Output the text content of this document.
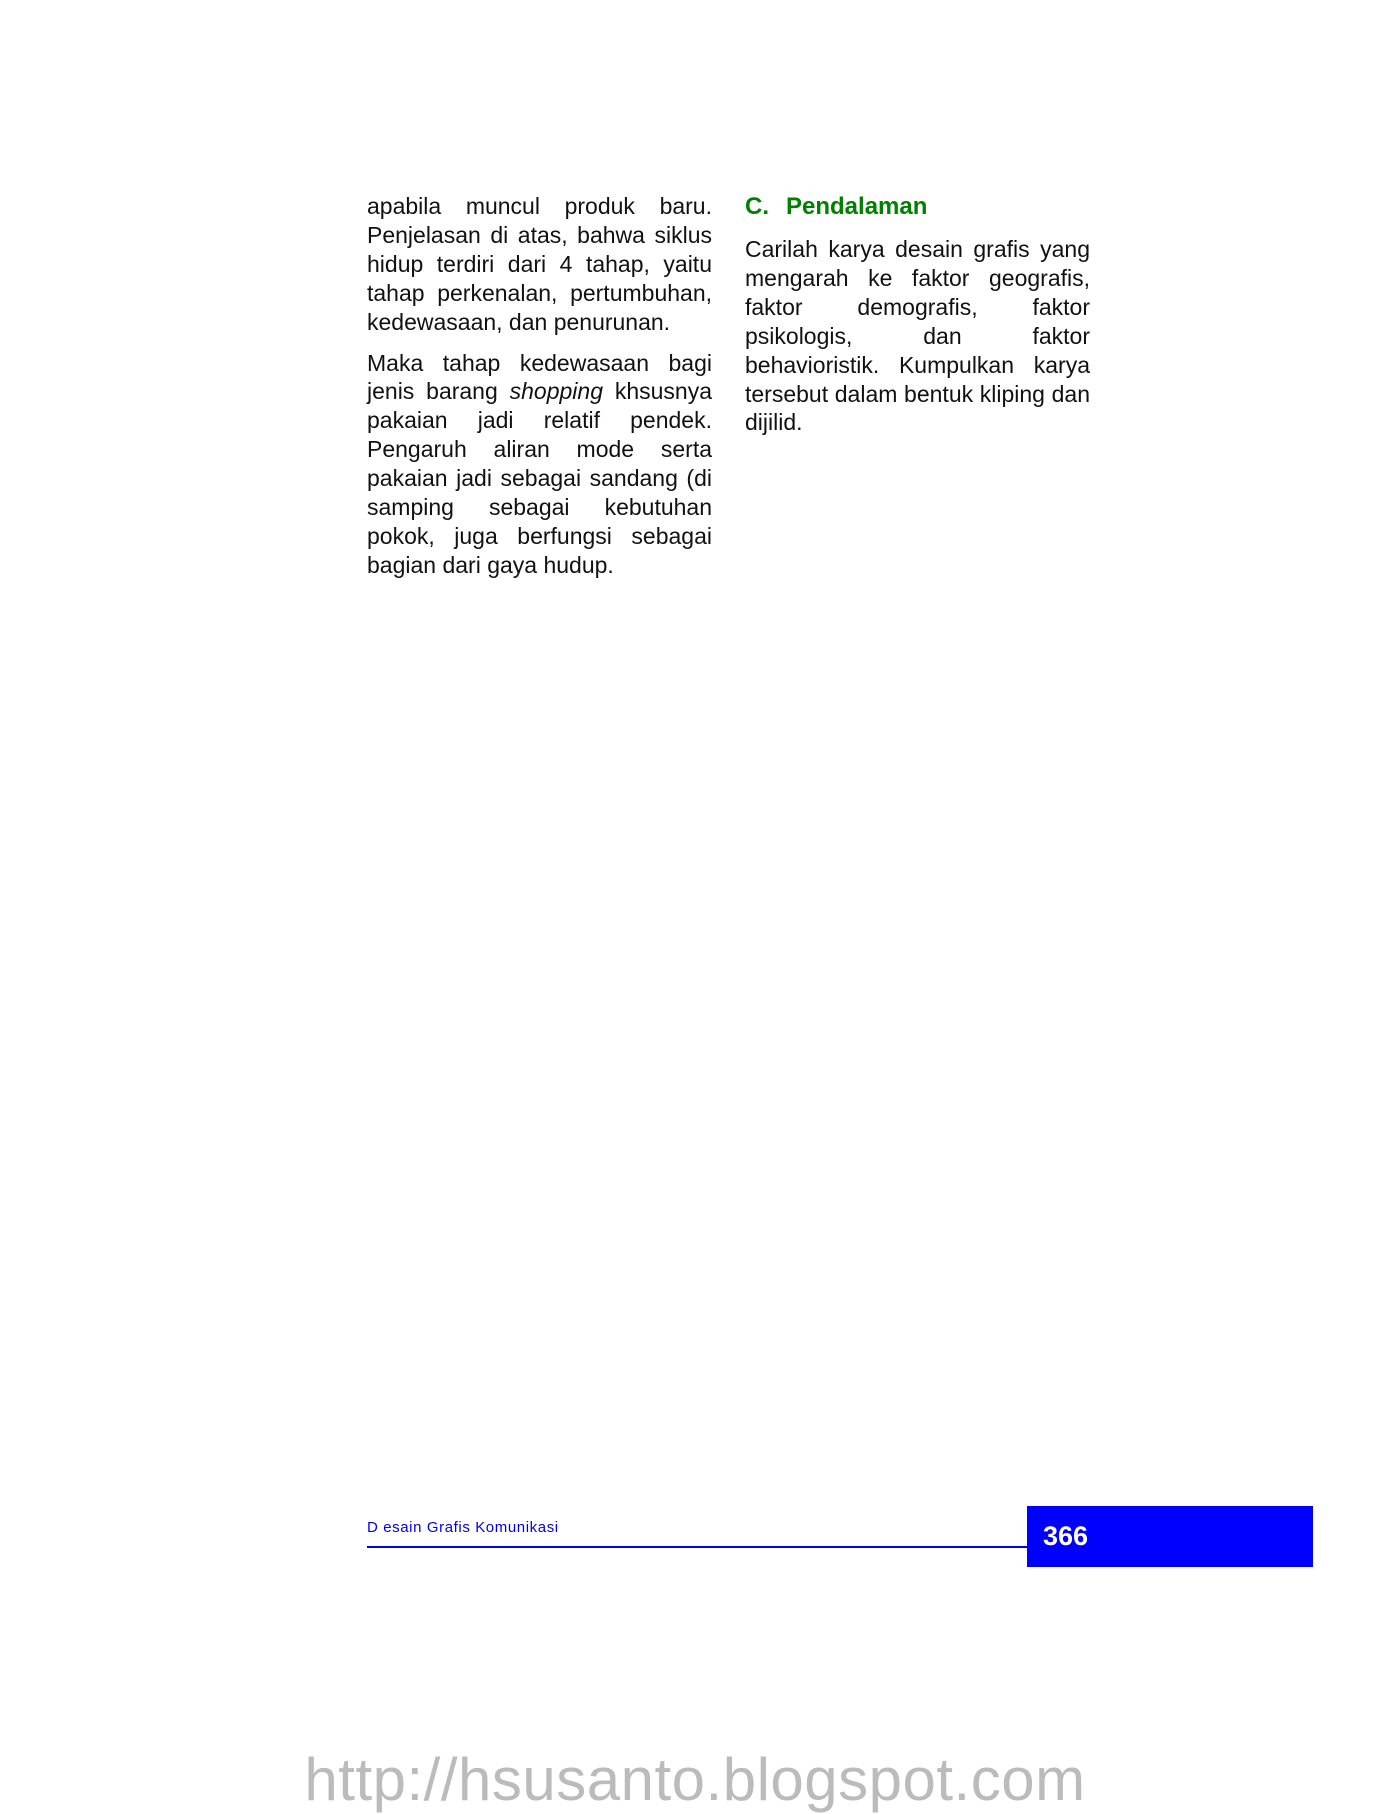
apabila muncul produk baru. Penjelasan di atas, bahwa siklus hidup terdiri dari 4 tahap, yaitu tahap perkenalan, pertumbuhan, kedewasaan, dan penurunan.

Maka tahap kedewasaan bagi jenis barang shopping khsusnya pakaian jadi relatif pendek. Pengaruh aliran mode serta pakaian jadi sebagai sandang (di samping sebagai kebutuhan pokok, juga berfungsi sebagai bagian dari gaya hudup.

C. Pendalaman

Carilah karya desain grafis yang mengarah ke faktor geografis, faktor demografis, faktor psikologis, dan faktor behavioristik. Kumpulkan karya tersebut dalam bentuk kliping dan dijilid.

D esain Grafis Komunikasi	366
http://hsusanto.blogspot.com
